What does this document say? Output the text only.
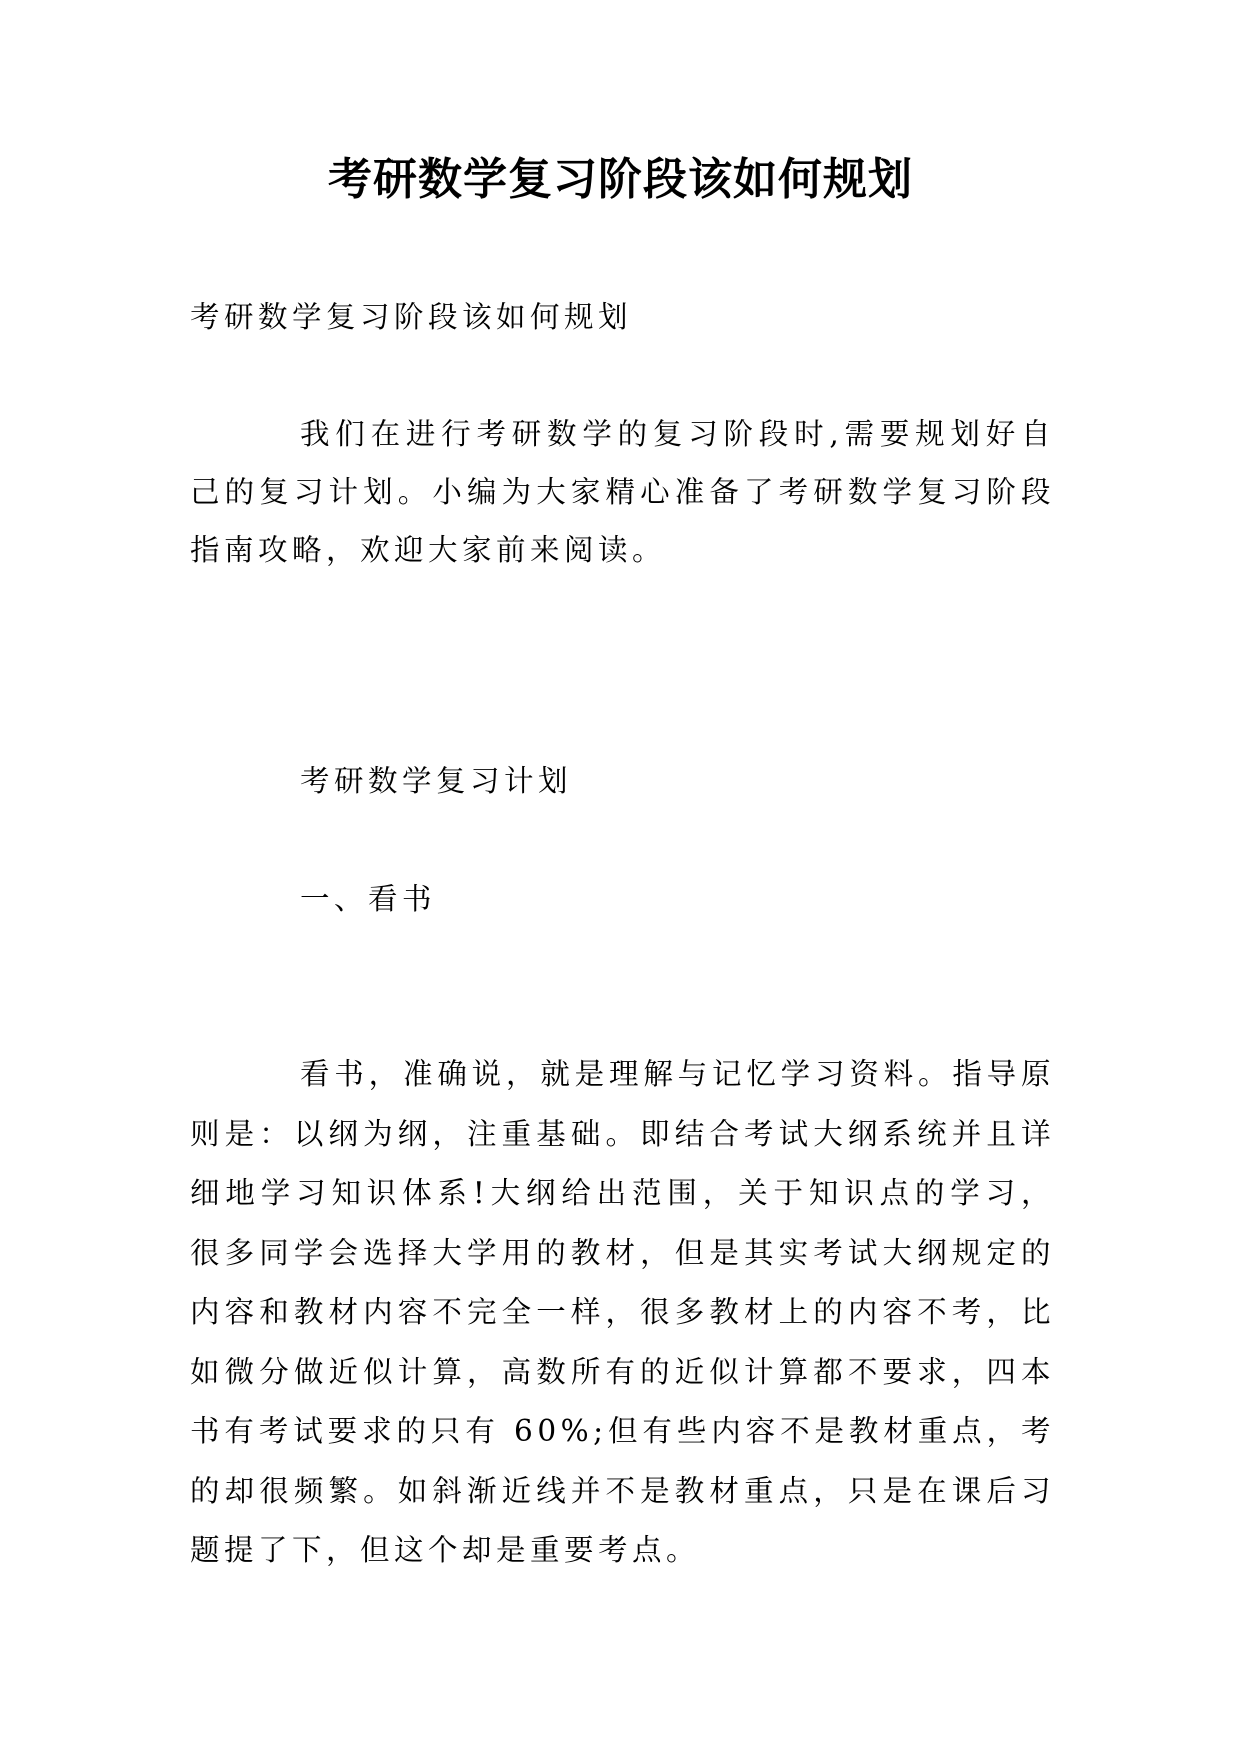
考研数学复习阶段该如何规划
考研数学复习阶段该如何规划
我们在进行考研数学的复习阶段时,需要规划好自己的复习计划。小编为大家精心准备了考研数学复习阶段指南攻略，欢迎大家前来阅读。
考研数学复习计划
一、看书
看书，准确说，就是理解与记忆学习资料。指导原则是：以纲为纲，注重基础。即结合考试大纲系统并且详细地学习知识体系!大纲给出范围，关于知识点的学习，很多同学会选择大学用的教材，但是其实考试大纲规定的内容和教材内容不完全一样，很多教材上的内容不考，比如微分做近似计算，高数所有的近似计算都不要求，四本书有考试要求的只有 60%;但有些内容不是教材重点，考的却很频繁。如斜渐近线并不是教材重点，只是在课后习题提了下，但这个却是重要考点。
